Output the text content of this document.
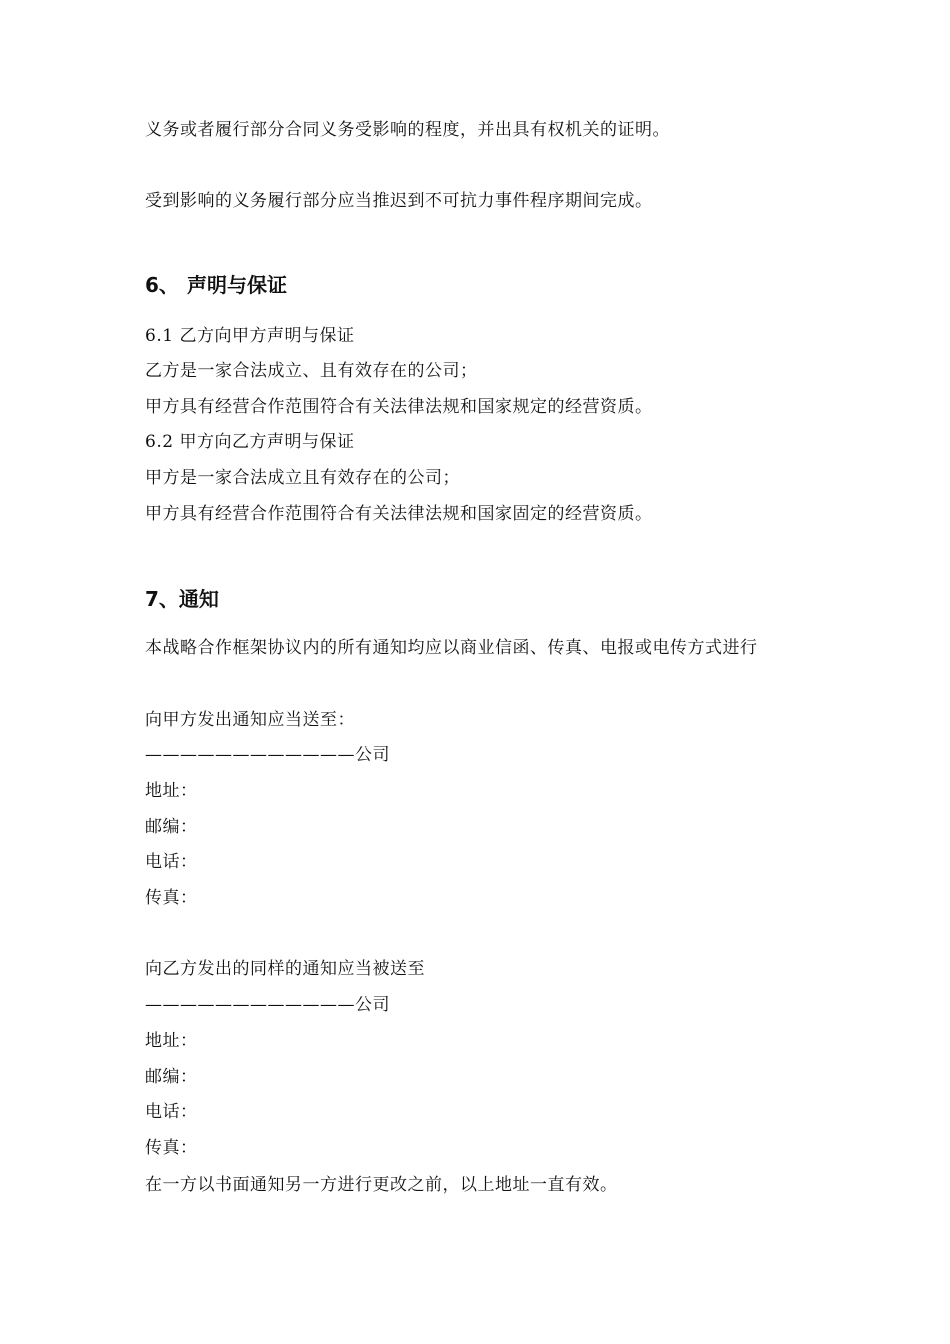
义务或者履行部分合同义务受影响的程度，并出具有权机关的证明。
受到影响的义务履行部分应当推迟到不可抗力事件程序期间完成。
6、 声明与保证
6.1 乙方向甲方声明与保证
乙方是一家合法成立、且有效存在的公司；
甲方具有经营合作范围符合有关法律法规和国家规定的经营资质。
6.2 甲方向乙方声明与保证
甲方是一家合法成立且有效存在的公司；
甲方具有经营合作范围符合有关法律法规和国家固定的经营资质。
7、通知
本战略合作框架协议内的所有通知均应以商业信函、传真、电报或电传方式进行
向甲方发出通知应当送至：
————————————公司
地址：
邮编：
电话：
传真：
向乙方发出的同样的通知应当被送至
————————————公司
地址：
邮编：
电话：
传真：
在一方以书面通知另一方进行更改之前，以上地址一直有效。
